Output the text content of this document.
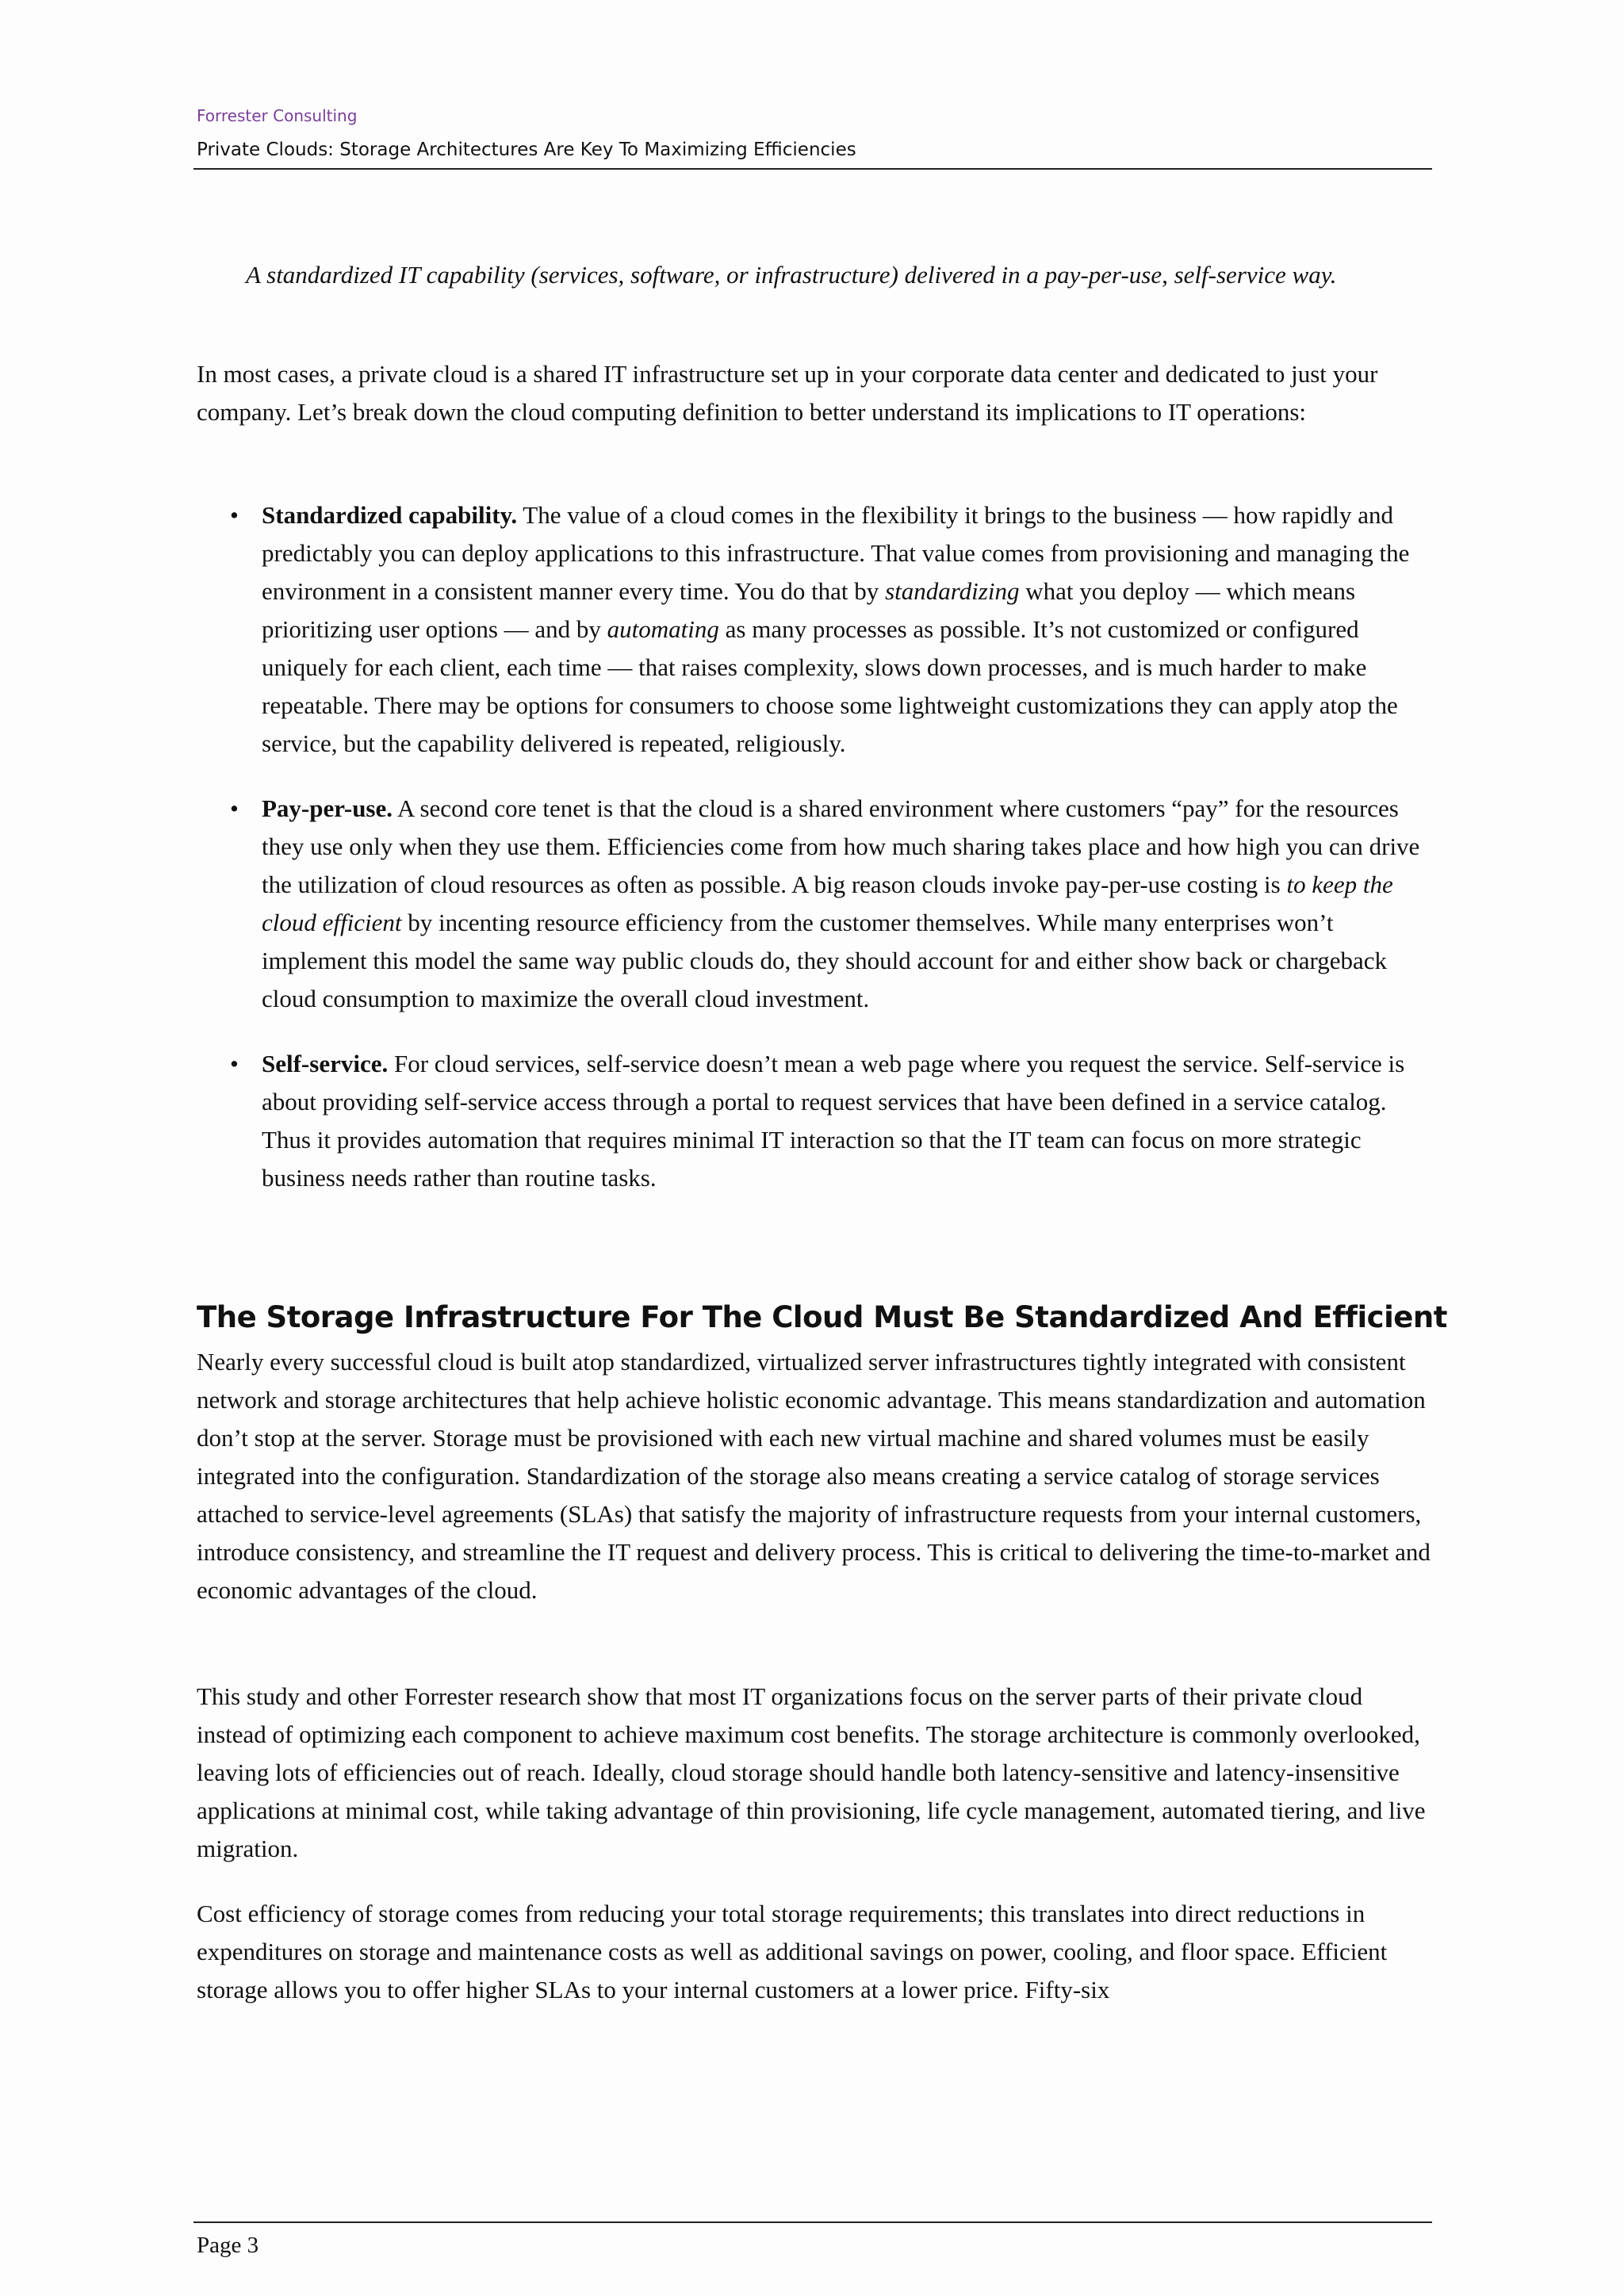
Forrester Consulting
Private Clouds: Storage Architectures Are Key To Maximizing Efficiencies

A standardized IT capability (services, software, or infrastructure) delivered in a pay-per-use, self-service way.

In most cases, a private cloud is a shared IT infrastructure set up in your corporate data center and dedicated to just your company. Let’s break down the cloud computing definition to better understand its implications to IT operations:

• Standardized capability. The value of a cloud comes in the flexibility it brings to the business — how rapidly and predictably you can deploy applications to this infrastructure. That value comes from provisioning and managing the environment in a consistent manner every time. You do that by standardizing what you deploy — which means prioritizing user options — and by automating as many processes as possible. It’s not customized or configured uniquely for each client, each time — that raises complexity, slows down processes, and is much harder to make repeatable. There may be options for consumers to choose some lightweight customizations they can apply atop the service, but the capability delivered is repeated, religiously.
• Pay-per-use. A second core tenet is that the cloud is a shared environment where customers “pay” for the resources they use only when they use them. Efficiencies come from how much sharing takes place and how high you can drive the utilization of cloud resources as often as possible. A big reason clouds invoke pay-per-use costing is to keep the cloud efficient by incenting resource efficiency from the customer themselves. While many enterprises won’t implement this model the same way public clouds do, they should account for and either show back or chargeback cloud consumption to maximize the overall cloud investment.
• Self-service. For cloud services, self-service doesn’t mean a web page where you request the service. Self-service is about providing self-service access through a portal to request services that have been defined in a service catalog. Thus it provides automation that requires minimal IT interaction so that the IT team can focus on more strategic business needs rather than routine tasks.
The Storage Infrastructure For The Cloud Must Be Standardized And Efficient

Nearly every successful cloud is built atop standardized, virtualized server infrastructures tightly integrated with consistent network and storage architectures that help achieve holistic economic advantage. This means standardization and automation don’t stop at the server. Storage must be provisioned with each new virtual machine and shared volumes must be easily integrated into the configuration. Standardization of the storage also means creating a service catalog of storage services attached to service-level agreements (SLAs) that satisfy the majority of infrastructure requests from your internal customers, introduce consistency, and streamline the IT request and delivery process. This is critical to delivering the time-to-market and economic advantages of the cloud.

This study and other Forrester research show that most IT organizations focus on the server parts of their private cloud instead of optimizing each component to achieve maximum cost benefits. The storage architecture is commonly overlooked, leaving lots of efficiencies out of reach. Ideally, cloud storage should handle both latency-sensitive and latency-insensitive applications at minimal cost, while taking advantage of thin provisioning, life cycle management, automated tiering, and live migration.

Cost efficiency of storage comes from reducing your total storage requirements; this translates into direct reductions in expenditures on storage and maintenance costs as well as additional savings on power, cooling, and floor space. Efficient storage allows you to offer higher SLAs to your internal customers at a lower price. Fifty-six

Page 3
